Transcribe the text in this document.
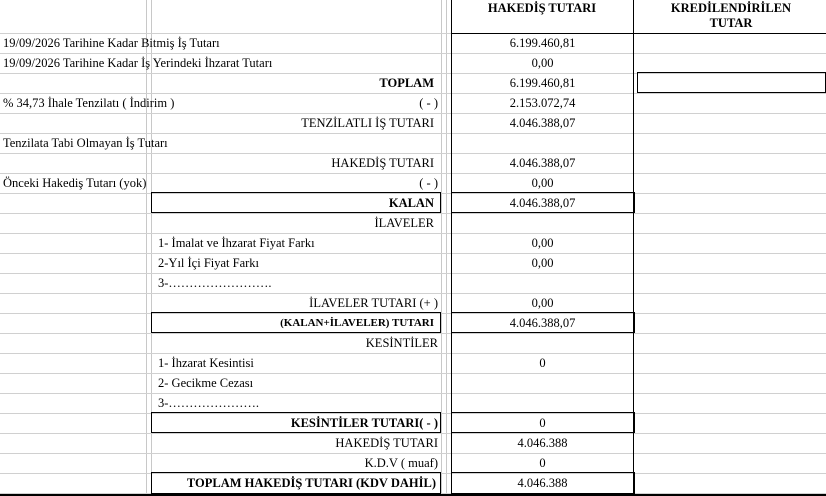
HAKEDİŞ TUTARI	KREDİLENDİRİLEN
TUTAR
19/09/2026 Tarihine Kadar Bitmiş İş Tutarı	6.199.460,81
19/09/2026 Tarihine Kadar İş Yerindeki İhzarat Tutarı	0,00
TOPLAM	6.199.460,81
% 34,73 İhale Tenzilatı ( İndirim )	( - )	2.153.072,74
TENZİLATLI İŞ TUTARI	4.046.388,07
Tenzilata Tabi Olmayan İş Tutarı
HAKEDİŞ TUTARI	4.046.388,07
Önceki Hakediş Tutarı (yok)	( - )	0,00
KALAN	4.046.388,07
İLAVELER
1- İmalat ve İhzarat Fiyat Farkı	0,00
2-Yıl İçi Fiyat Farkı	0,00
3-…………………….
İLAVELER TUTARI (+ )	0,00
(KALAN+İLAVELER) TUTARI	4.046.388,07
KESİNTİLER
1- İhzarat Kesintisi	0
2- Gecikme Cezası
3-………………….
KESİNTİLER TUTARI( - )	0
HAKEDİŞ TUTARI	4.046.388
K.D.V ( muaf)	0
TOPLAM HAKEDİŞ TUTARI (KDV DAHİL)	4.046.388
